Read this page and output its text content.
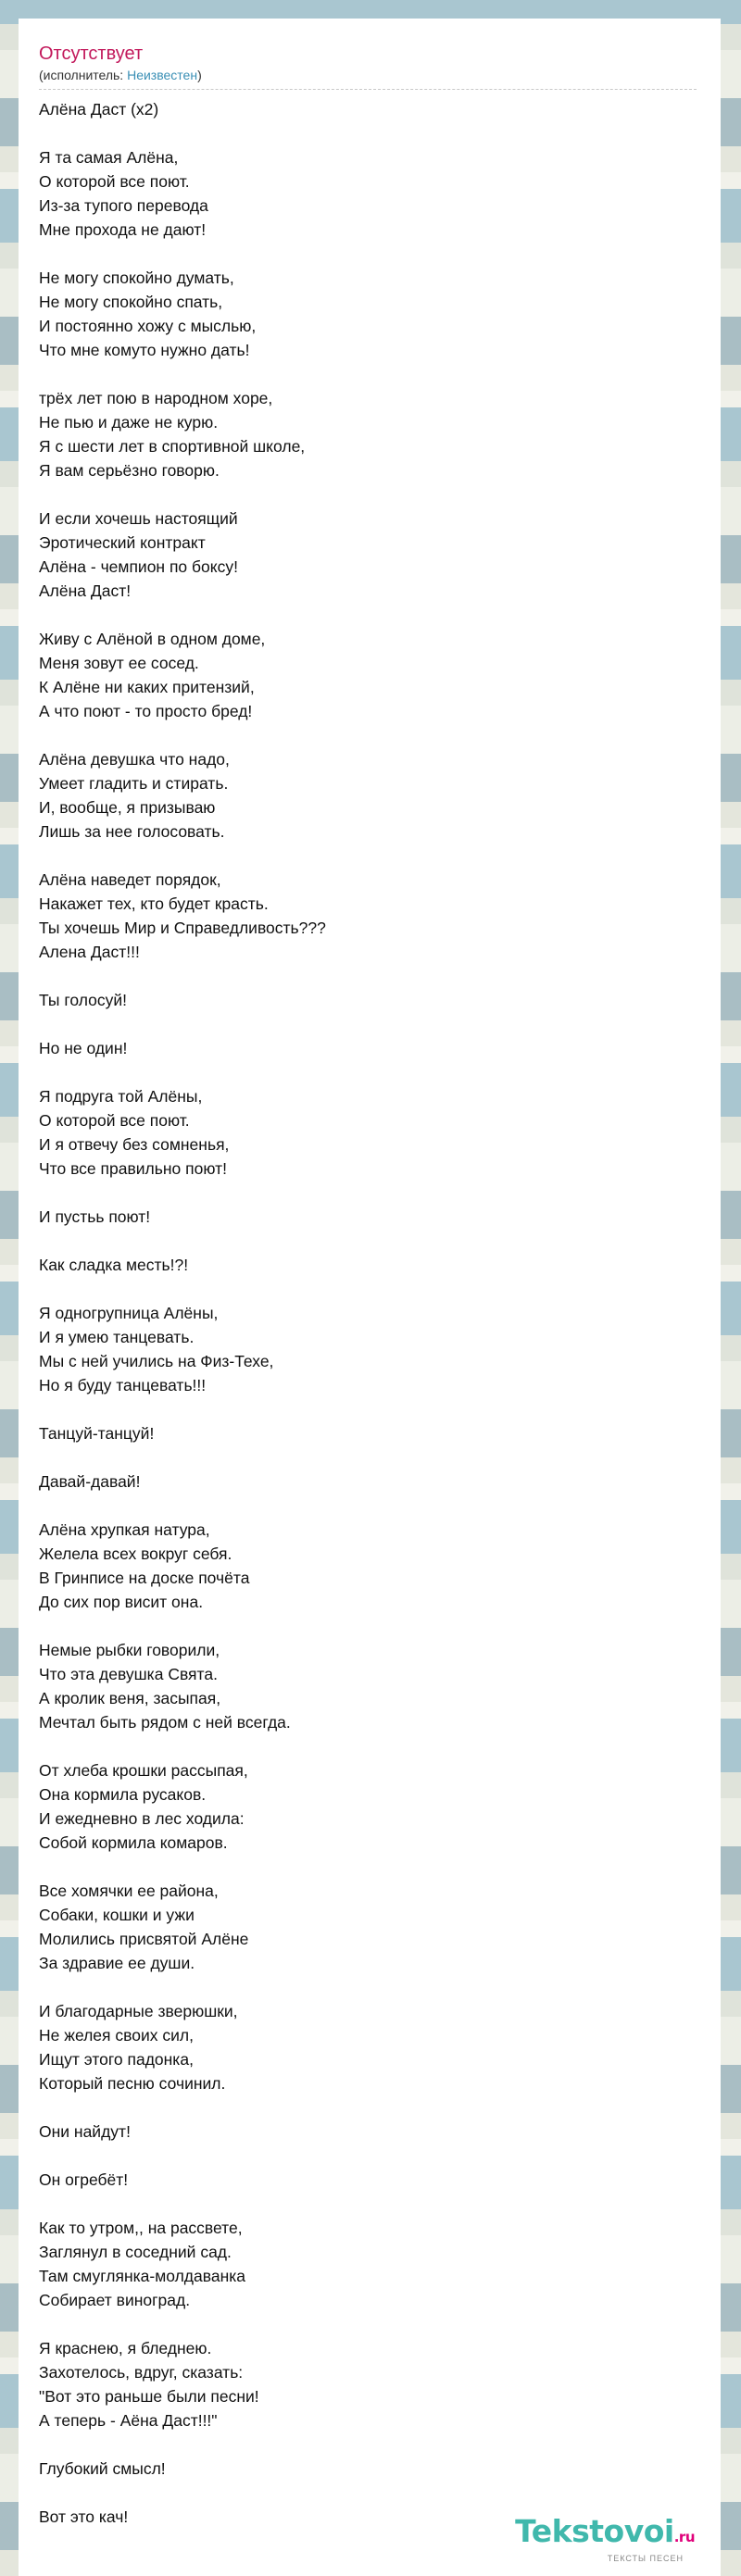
Отсутствует
(исполнитель: Неизвестен)
Алёна Даст (х2)
Я та самая Алёна,
О которой все поют.
Из-за тупого перевода
Мне прохода не дают!
Не могу спокойно думать,
Не могу спокойно спать,
И постоянно хожу с мыслью,
Что мне комуто нужно дать!
трёх лет пою в народном хоре,
Не пью и даже не курю.
Я с шести лет в спортивной школе,
Я вам серьёзно говорю.
И если хочешь настоящий
Эротический контракт
Алёна - чемпион по боксу!
Алёна Даст!
Живу с Алёной в одном доме,
Меня зовут ее сосед.
К Алёне ни каких притензий,
А что поют - то просто бред!
Алёна девушка что надо,
Умеет гладить и стирать.
И, вообще, я призываю
Лишь за нее голосовать.
Алёна наведет порядок,
Накажет тех, кто будет красть.
Ты хочешь Мир и Справедливость???
Алена Даст!!!
Ты голосуй!
Но не один!
Я подруга той Алёны,
О которой все поют.
И я отвечу без сомненья,
Что все правильно поют!
И пустьь поют!
Как сладка месть!?!
Я одногрупница Алёны,
И я умею танцевать.
Мы с ней учились на Физ-Техе,
Но я буду танцевать!!!
Танцуй-танцуй!
Давай-давай!
Алёна хрупкая натура,
Желела всех вокруг себя.
В Гринписе на доске почёта
До сих пор висит она.
Немые рыбки говорили,
Что эта девушка Свята.
А кролик веня, засыпая,
Мечтал быть рядом с ней всегда.
От хлеба крошки рассыпая,
Она кормила русаков.
И ежедневно в лес ходила:
Собой кормила комаров.
Все хомячки ее района,
Собаки, кошки и ужи
Молились присвятой Алёне
За здравие ее души.
И благодарные зверюшки,
Не желея своих сил,
Ищут этого падонка,
Который песню сочинил.
Они найдут!
Он огребёт!
Как то утром,, на рассвете,
Заглянул в соседний сад.
Там смуглянка-молдаванка
Собирает виноград.
Я краснею, я бледнею.
Захотелось, вдруг, сказать:
"Вот это раньше были песни!
А теперь - Аёна Даст!!!"
Глубокий смысл!
Вот это кач!	Tekstovoi.ru
ТЕКСТЫ ПЕСЕН
